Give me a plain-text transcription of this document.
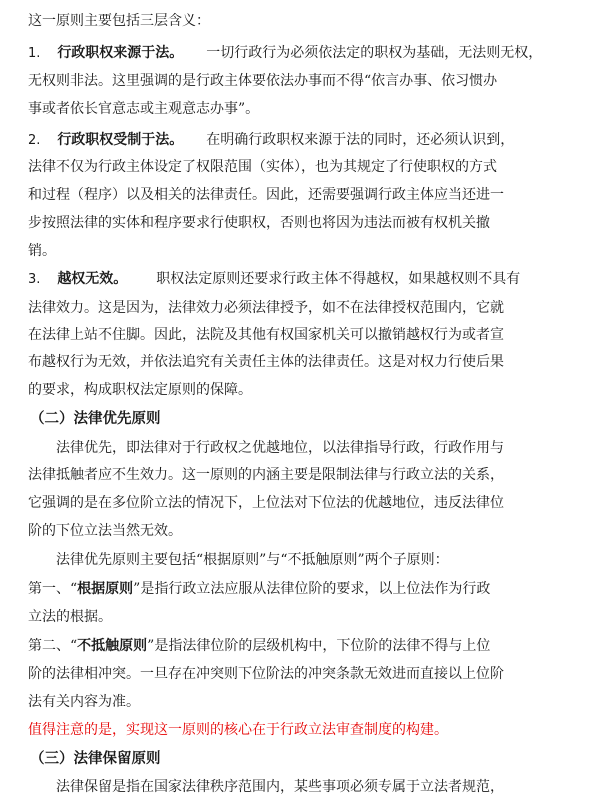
这一原则主要包括三层含义：
1. 行政职权来源于法。 一切行政行为必须依法定的职权为基础，无法则无权，
无权则非法。这里强调的是行政主体要依法办事而不得“依言办事、依习惯办
事或者依长官意志或主观意志办事”。
2. 行政职权受制于法。 在明确行政职权来源于法的同时，还必须认识到，
法律不仅为行政主体设定了权限范围（实体），也为其规定了行使职权的方式
和过程（程序）以及相关的法律责任。因此，还需要强调行政主体应当还进一
步按照法律的实体和程序要求行使职权，否则也将因为违法而被有权机关撤
销。
3. 越权无效。 职权法定原则还要求行政主体不得越权，如果越权则不具有
法律效力。这是因为，法律效力必须法律授予，如不在法律授权范围内，它就
在法律上站不住脚。因此，法院及其他有权国家机关可以撤销越权行为或者宣
布越权行为无效，并依法追究有关责任主体的法律责任。这是对权力行使后果
的要求，构成职权法定原则的保障。
（二）法律优先原则
法律优先，即法律对于行政权之优越地位，以法律指导行政，行政作用与
法律抵触者应不生效力。这一原则的内涵主要是限制法律与行政立法的关系，
它强调的是在多位阶立法的情况下，上位法对下位法的优越地位，违反法律位
阶的下位立法当然无效。
法律优先原则主要包括“根据原则”与“不抵触原则”两个子原则：
第一、“根据原则”是指行政立法应服从法律位阶的要求，以上位法作为行政
立法的根据。
第二、“不抵触原则”是指法律位阶的层级机构中，下位阶的法律不得与上位
阶的法律相冲突。一旦存在冲突则下位阶法的冲突条款无效进而直接以上位阶
法有关内容为准。
值得注意的是，实现这一原则的核心在于行政立法审查制度的构建。
（三）法律保留原则
法律保留是指在国家法律秩序范围内，某些事项必须专属于立法者规范，
